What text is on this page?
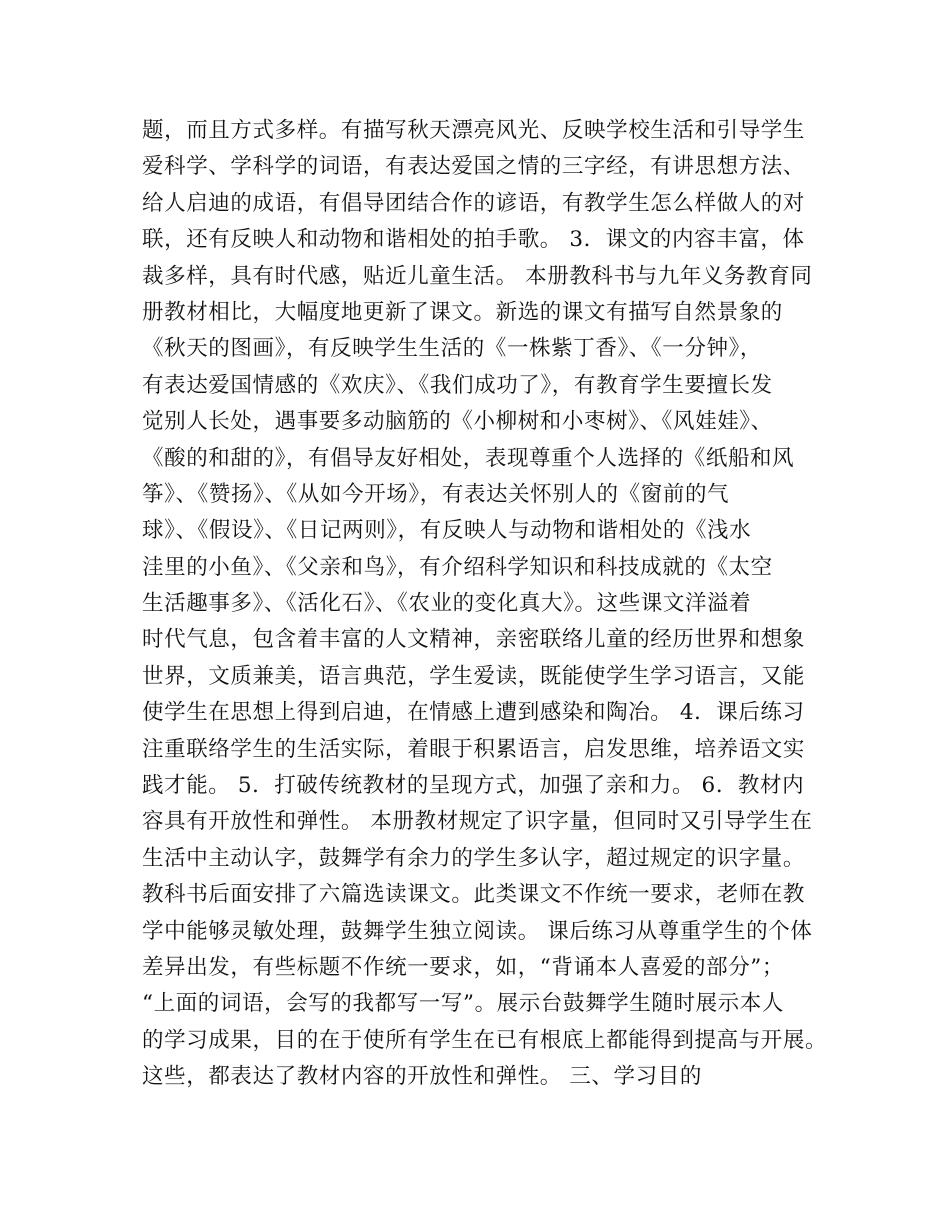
题，而且方式多样。有描写秋天漂亮风光、反映学校生活和引导学生
爱科学、学科学的词语，有表达爱国之情的三字经，有讲思想方法、
给人启迪的成语，有倡导团结合作的谚语，有教学生怎么样做人的对
联，还有反映人和动物和谐相处的拍手歌。 3．课文的内容丰富，体
裁多样，具有时代感，贴近儿童生活。 本册教科书与九年义务教育同
册教材相比，大幅度地更新了课文。新选的课文有描写自然景象的
《秋天的图画》，有反映学生生活的《一株紫丁香》、《一分钟》，
有表达爱国情感的《欢庆》、《我们成功了》，有教育学生要擅长发
觉别人长处，遇事要多动脑筋的《小柳树和小枣树》、《风娃娃》、
《酸的和甜的》，有倡导友好相处，表现尊重个人选择的《纸船和风
筝》、《赞扬》、《从如今开场》，有表达关怀别人的《窗前的气
球》、《假设》、《日记两则》，有反映人与动物和谐相处的《浅水
洼里的小鱼》、《父亲和鸟》，有介绍科学知识和科技成就的《太空
生活趣事多》、《活化石》、《农业的变化真大》。这些课文洋溢着
时代气息，包含着丰富的人文精神，亲密联络儿童的经历世界和想象
世界，文质兼美，语言典范，学生爱读，既能使学生学习语言，又能
使学生在思想上得到启迪，在情感上遭到感染和陶冶。 4．课后练习
注重联络学生的生活实际，着眼于积累语言，启发思维，培养语文实
践才能。 5．打破传统教材的呈现方式，加强了亲和力。 6．教材内
容具有开放性和弹性。 本册教材规定了识字量，但同时又引导学生在
生活中主动认字，鼓舞学有余力的学生多认字，超过规定的识字量。
教科书后面安排了六篇选读课文。此类课文不作统一要求，老师在教
学中能够灵敏处理，鼓舞学生独立阅读。 课后练习从尊重学生的个体
差异出发，有些标题不作统一要求，如，“背诵本人喜爱的部分”；
“上面的词语，会写的我都写一写”。展示台鼓舞学生随时展示本人
的学习成果，目的在于使所有学生在已有根底上都能得到提高与开展。
这些，都表达了教材内容的开放性和弹性。 三、学习目的
